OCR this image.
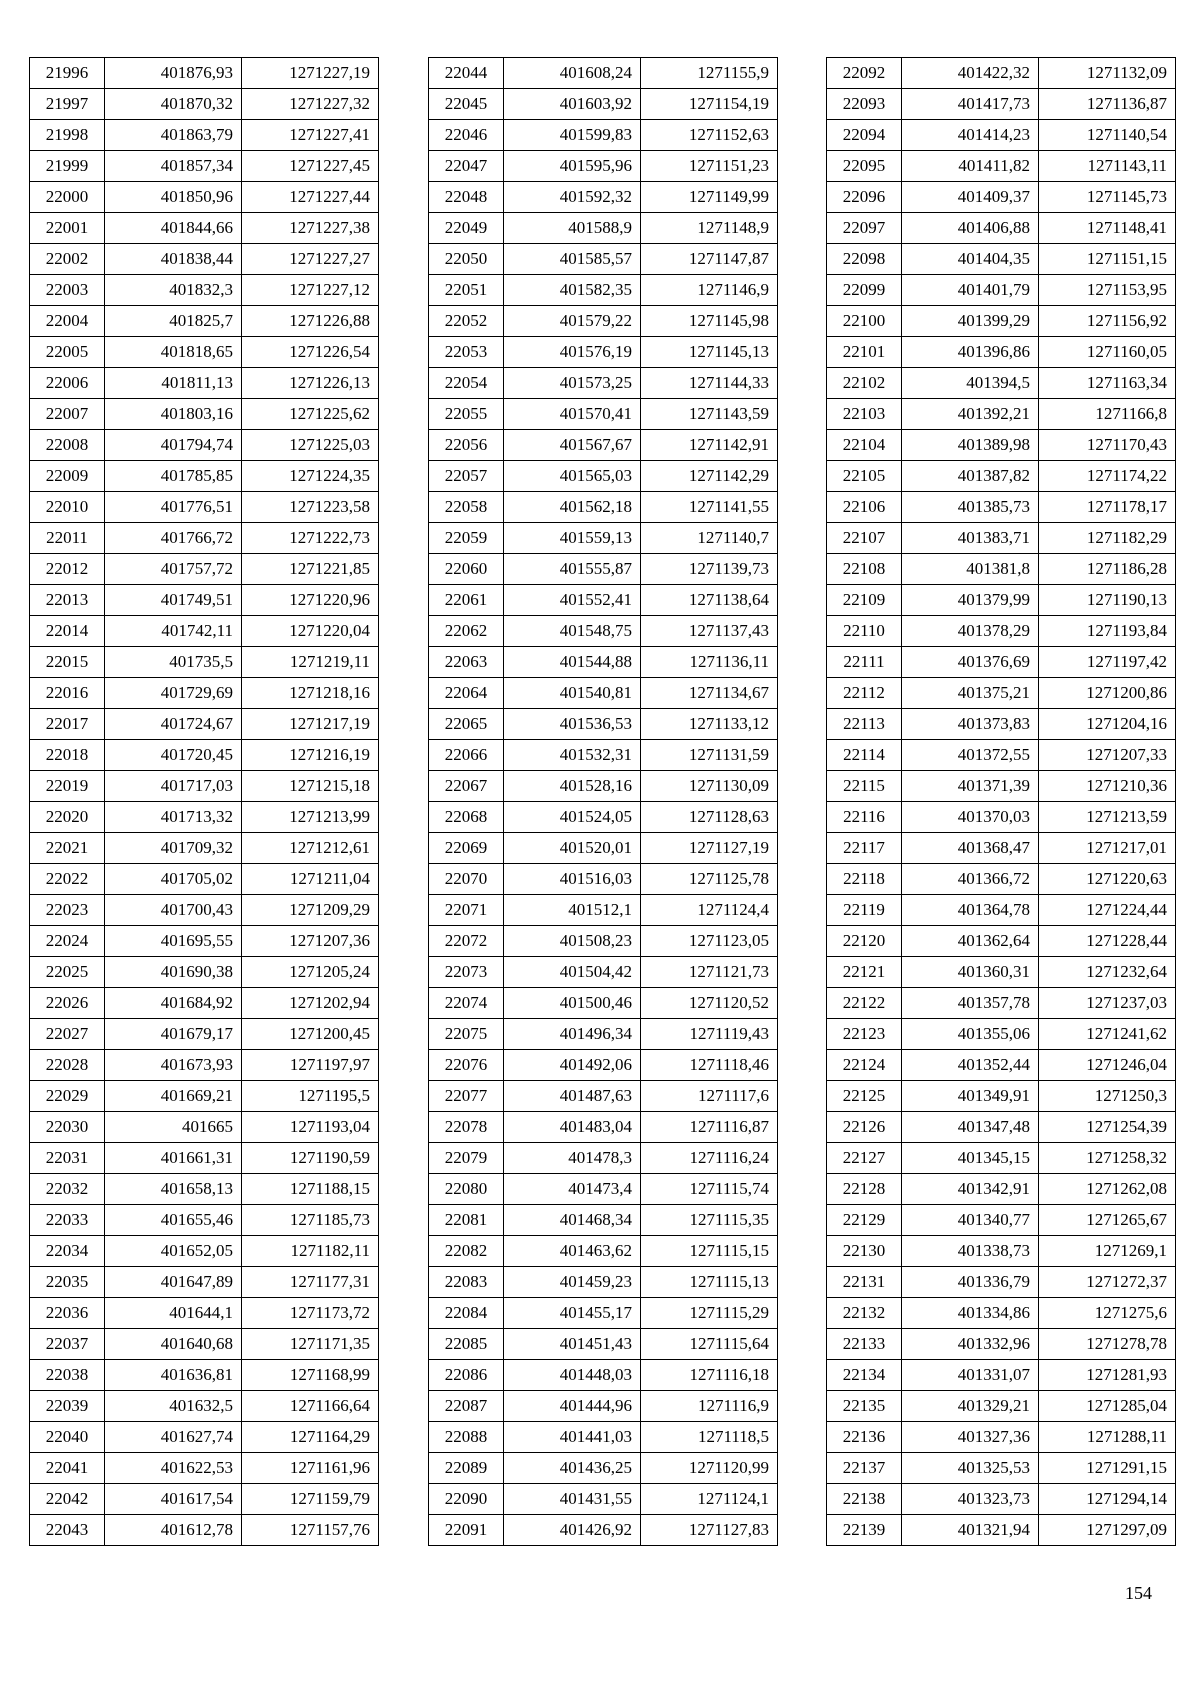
21996	401876,93	1271227,19
21997	401870,32	1271227,32
21998	401863,79	1271227,41
21999	401857,34	1271227,45
22000	401850,96	1271227,44
22001	401844,66	1271227,38
22002	401838,44	1271227,27
22003	401832,3	1271227,12
22004	401825,7	1271226,88
22005	401818,65	1271226,54
22006	401811,13	1271226,13
22007	401803,16	1271225,62
22008	401794,74	1271225,03
22009	401785,85	1271224,35
22010	401776,51	1271223,58
22011	401766,72	1271222,73
22012	401757,72	1271221,85
22013	401749,51	1271220,96
22014	401742,11	1271220,04
22015	401735,5	1271219,11
22016	401729,69	1271218,16
22017	401724,67	1271217,19
22018	401720,45	1271216,19
22019	401717,03	1271215,18
22020	401713,32	1271213,99
22021	401709,32	1271212,61
22022	401705,02	1271211,04
22023	401700,43	1271209,29
22024	401695,55	1271207,36
22025	401690,38	1271205,24
22026	401684,92	1271202,94
22027	401679,17	1271200,45
22028	401673,93	1271197,97
22029	401669,21	1271195,5
22030	401665	1271193,04
22031	401661,31	1271190,59
22032	401658,13	1271188,15
22033	401655,46	1271185,73
22034	401652,05	1271182,11
22035	401647,89	1271177,31
22036	401644,1	1271173,72
22037	401640,68	1271171,35
22038	401636,81	1271168,99
22039	401632,5	1271166,64
22040	401627,74	1271164,29
22041	401622,53	1271161,96
22042	401617,54	1271159,79
22043	401612,78	1271157,76
22044	401608,24	1271155,9
22045	401603,92	1271154,19
22046	401599,83	1271152,63
22047	401595,96	1271151,23
22048	401592,32	1271149,99
22049	401588,9	1271148,9
22050	401585,57	1271147,87
22051	401582,35	1271146,9
22052	401579,22	1271145,98
22053	401576,19	1271145,13
22054	401573,25	1271144,33
22055	401570,41	1271143,59
22056	401567,67	1271142,91
22057	401565,03	1271142,29
22058	401562,18	1271141,55
22059	401559,13	1271140,7
22060	401555,87	1271139,73
22061	401552,41	1271138,64
22062	401548,75	1271137,43
22063	401544,88	1271136,11
22064	401540,81	1271134,67
22065	401536,53	1271133,12
22066	401532,31	1271131,59
22067	401528,16	1271130,09
22068	401524,05	1271128,63
22069	401520,01	1271127,19
22070	401516,03	1271125,78
22071	401512,1	1271124,4
22072	401508,23	1271123,05
22073	401504,42	1271121,73
22074	401500,46	1271120,52
22075	401496,34	1271119,43
22076	401492,06	1271118,46
22077	401487,63	1271117,6
22078	401483,04	1271116,87
22079	401478,3	1271116,24
22080	401473,4	1271115,74
22081	401468,34	1271115,35
22082	401463,62	1271115,15
22083	401459,23	1271115,13
22084	401455,17	1271115,29
22085	401451,43	1271115,64
22086	401448,03	1271116,18
22087	401444,96	1271116,9
22088	401441,03	1271118,5
22089	401436,25	1271120,99
22090	401431,55	1271124,1
22091	401426,92	1271127,83
22092	401422,32	1271132,09
22093	401417,73	1271136,87
22094	401414,23	1271140,54
22095	401411,82	1271143,11
22096	401409,37	1271145,73
22097	401406,88	1271148,41
22098	401404,35	1271151,15
22099	401401,79	1271153,95
22100	401399,29	1271156,92
22101	401396,86	1271160,05
22102	401394,5	1271163,34
22103	401392,21	1271166,8
22104	401389,98	1271170,43
22105	401387,82	1271174,22
22106	401385,73	1271178,17
22107	401383,71	1271182,29
22108	401381,8	1271186,28
22109	401379,99	1271190,13
22110	401378,29	1271193,84
22111	401376,69	1271197,42
22112	401375,21	1271200,86
22113	401373,83	1271204,16
22114	401372,55	1271207,33
22115	401371,39	1271210,36
22116	401370,03	1271213,59
22117	401368,47	1271217,01
22118	401366,72	1271220,63
22119	401364,78	1271224,44
22120	401362,64	1271228,44
22121	401360,31	1271232,64
22122	401357,78	1271237,03
22123	401355,06	1271241,62
22124	401352,44	1271246,04
22125	401349,91	1271250,3
22126	401347,48	1271254,39
22127	401345,15	1271258,32
22128	401342,91	1271262,08
22129	401340,77	1271265,67
22130	401338,73	1271269,1
22131	401336,79	1271272,37
22132	401334,86	1271275,6
22133	401332,96	1271278,78
22134	401331,07	1271281,93
22135	401329,21	1271285,04
22136	401327,36	1271288,11
22137	401325,53	1271291,15
22138	401323,73	1271294,14
22139	401321,94	1271297,09
154
